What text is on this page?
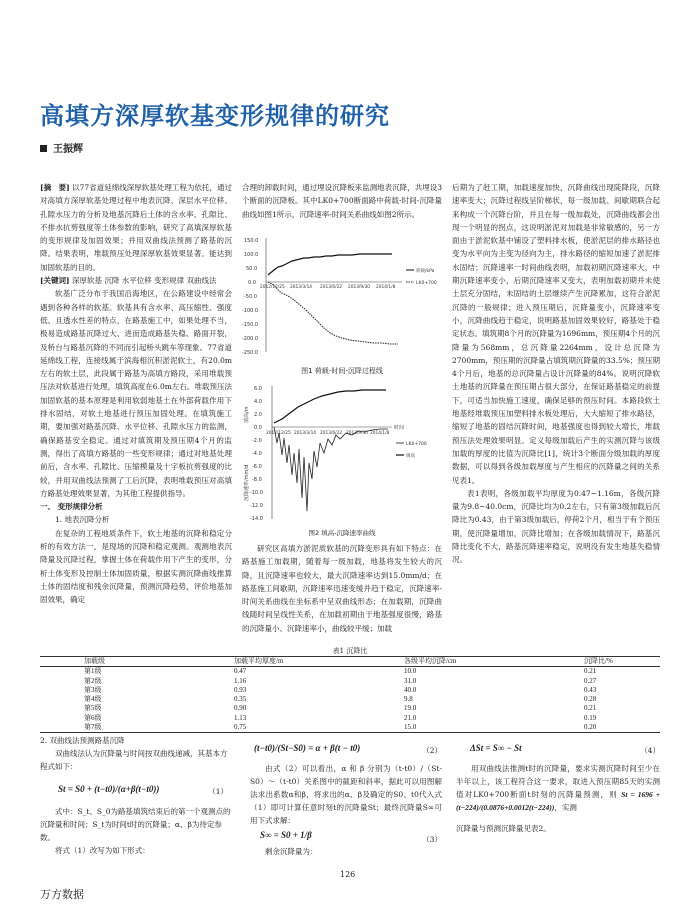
高填方深厚软基变形规律的研究
王振辉

[摘　要] 以77省道延绵线深厚软基处理工程为依托，通过对高填方深厚软基处理过程中地表沉降、深层水平位移、孔隙水压力的分析及地基沉降后土体的含水率、孔隙比、不排水抗剪强度等土体参数的影响，研究了高填深厚软基的变形规律及加固效果；并用双曲线法预测了路基的沉降。结果表明，堆载预压处理深厚软基效果显著。能达到加固软基的目的。

[关键词] 深厚软基 沉降 水平位移 变形规律 双曲线法

软基广泛分布于我国沿海地区，在公路建设中经常会遇到各种各样的软基。软基具有含水率、高压缩性、强度低、且透水性差的特点，在路基施工中，如果处理不当，极易造成路基沉降过大、进而造成路基失稳、路面开裂，及桥台与路基沉降的不同而引起桥头跳车等现象。77省道延绵线工程，连接线属于滨海相沉积淤泥软土，有20.0m左右的软土层，此段属于路基为高填方路段，采用堆载预压法对软基进行处理，填筑高度在6.0m左右。堆载预压法加固软基的基本原理是利用软弱地基土在外部荷载作用下排水固结，对软土地基进行预压加固处理。在填筑施工期，要加强对路基沉降、水平位移、孔隙水压力的监测，确保路基安全稳定。通过对填筑期及预压期4个月的监测，得出了高填方路基的一些变形规律；通过对地基处理前后，含水率、孔隙比、压缩模量及十字板抗剪强度的比较，并用双曲线法预测了工后沉降，表明堆载预压对高填方路基处理效果显著，为其他工程提供指导。

一、 变形规律分析

1. 地表沉降分析

在复杂的工程地质条件下，软土地基的沉降和稳定分析的有效方法一，是现场的沉降和稳定观测。观测地表沉降量及沉降过程，掌握土体在荷载作用下产生的变形，分析土体变形及控制土体加固质量，根据实测沉降曲线推算土体的固结度和残余沉降量，预测沉降趋势，评价地基加固效果，确定

合理的卸载时间，通过埋设沉降板来监测地表沉降，共埋设3个断面的沉降板。其中LK0+700断面路中荷载-时间-沉降量曲线如图1所示，沉降速率-时间关系曲线如图2所示。

150.0
100.0
50.0
0.0
-50.0
-100.0
-150.0
-200.0
-250.0
2012/12/25 2013/3/14 2013/6/22 2013/9/30 2014/1/8
荷载/kPa
LK0+700
图1 荷载-时间-沉降过程线
填高/m
沉降速率/mm/d
6.0
4.0
2.0
0.0
-2.0
-4.0
-6.0
-8.0
-10.0
-12.0
-14.0
时间
2012/12/25 2013/3/14 2013/6/22 2013/9/30 2014/1/8
LK0+700
填高
图2 填高-沉降速率曲线

研究区高填方淤泥质软基的沉降变形具有如下特点：在路基施工加载期，随着每一级加载，地基将发生较大的沉降，且沉降速率也较大，最大沉降速率达到15.0mm/d；在路基施工间歇期，沉降速率迅速变缓并趋于稳定，沉降速率-时间关系曲线在坐标系中呈双曲线形态；在加载期，沉降曲线随时间呈线性关系，在加载初期由于地基强度很慢，路基的沉降量小、沉降速率小，曲线较平缓；加载

后期为了赶工期，加载速度加快，沉降曲线出现陡降段，沉降速率变大；沉降过程线呈阶梯状，每一级加载、间歇期联合起来构成一个沉降台阶，并且在每一级加载处，沉降曲线都会出现一个明显的拐点，这说明淤泥对加载是非常敏感的，另一方面由于淤泥软基中铺设了塑料排水板，使淤泥层的排水路径也变为水平向为主变为径向为主，排水路径的缩短加速了淤泥排水固结；沉降速率一时间曲线表明，加载初期沉降速率大，中期沉降速率变小，后期沉降速率又变大，表明加载初期并未使土层充分固结，未固结的土层继续产生沉降累加，这符合淤泥沉降的一般规律；进入预压期后，沉降量变小，沉降速率变小，沉降曲线趋于稳定，说明路基加固效果较好，路基处于稳定状态。填筑期8个月的沉降量为1696mm，预压期4个月的沉降量为568mm，总沉降量2264mm，设计总沉降为2700mm，预压期的沉降量占填筑期沉降量的33.5%；预压期4个月后，地基的总沉降量占设计沉降量的84%。说明沉降软土地基的沉降量在预压期占很大部分，在保证路基稳定的前提下，可适当加快施工速度，确保足够的预压时间。本路段软土地基经堆载预压加塑料排水板处理后，大大缩短了排水路径，缩短了地基的固结沉降时间，地基强度也得到较大增长，堆载预压法处理效果明显。定义每级加载后产生的实测沉降与该级加载的厚度的比值为沉降比[1]，统计3个断面分级加载的厚度数据，可以得到各级加载厚度与产生相应的沉降量之间的关系见表1。

表1表明，各级加载平均厚度为0.47~1.16m，各级沉降量为9.8~40.0cm，沉降比均为0.2左右，只有第3级加载后沉降比为0.43，由于第3级加载后，停荷2个月，相当于有个预压期，使沉降量增加，沉降比增加；在各级加载情况下，路基沉降比变化不大，路基沉降速率稳定，说明没有发生地基失稳情况。

表1 沉降比
加载级	加载平均厚度/m	各级平均沉降/cm	沉降比/%
第1级	0.47	10.0	0.21
第2级	1.16	31.0	0.27
第3级	0.93	40.0	0.43
第4级	0.35	9.8	0.28
第5级	0.90	19.0	0.21
第6级	1.13	21.0	0.19
第7级	0.75	15.0	0.20
2. 双曲线法预测路基沉降
双曲线法认为沉降量与时间按双曲线递减，其基本方程式如下：
St = S0 + (t−t0)/(α+β(t−t0))	（1）
式中：S_t、S_0为路基填筑结束后的第一个观测点的沉降量和时间；S_t为时间t时的沉降量；α、β为待定参数。
将式（1）改写为如下形式：
(t−t0)/(St−S0) = α + β(t − t0)	（2）
由式（2）可以看出，α 和 β 分别为（t-t0）/（St-S0）～（t-t0）关系图中的截距和斜率，据此可以用图解法求出系数α和β，将求出的α、β及确定的S0、t0代入式（1）即可计算任意时刻t的沉降量St；最终沉降量S∞可用下式求解：
S∞ = S0 + 1/β	（3）
剩余沉降量为：
ΔSt = S∞ − St	（4）
用双曲线法推测t时的沉降量，要求实测沉降时间至少在半年以上，该工程符合这一要求，取进入预压期85天的实测值对LK0+700断面t时刻的沉降量预测，则 St = 1696 + (t−224)/(0.0876+0.0012(t−224))，实测
沉降量与预测沉降量见表2。
126
万方数据
